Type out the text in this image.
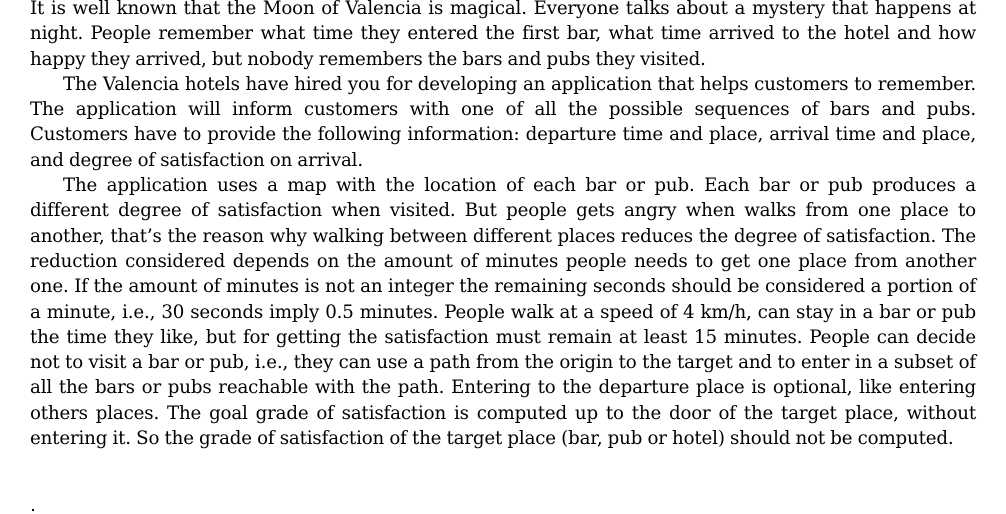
It is well known that the Moon of Valencia is magical. Everyone talks about a mystery that happens at night. People remember what time they entered the first bar, what time arrived to the hotel and how happy they arrived, but nobody remembers the bars and pubs they visited.

The Valencia hotels have hired you for developing an application that helps customers to remember. The application will inform customers with one of all the possible sequences of bars and pubs. Customers have to provide the following information: departure time and place, arrival time and place, and degree of satisfaction on arrival.

The application uses a map with the location of each bar or pub. Each bar or pub produces a different degree of satisfaction when visited. But people gets angry when walks from one place to another, that’s the reason why walking between different places reduces the degree of satisfaction. The reduction considered depends on the amount of minutes people needs to get one place from another one. If the amount of minutes is not an integer the remaining seconds should be considered a portion of a minute, i.e., 30 seconds imply 0.5 minutes. People walk at a speed of 4 km/h, can stay in a bar or pub the time they like, but for getting the satisfaction must remain at least 15 minutes. People can decide not to visit a bar or pub, i.e., they can use a path from the origin to the target and to enter in a subset of all the bars or pubs reachable with the path. Entering to the departure place is optional, like entering others places. The goal grade of satisfaction is computed up to the door of the target place, without entering it. So the grade of satisfaction of the target place (bar, pub or hotel) should not be computed.
